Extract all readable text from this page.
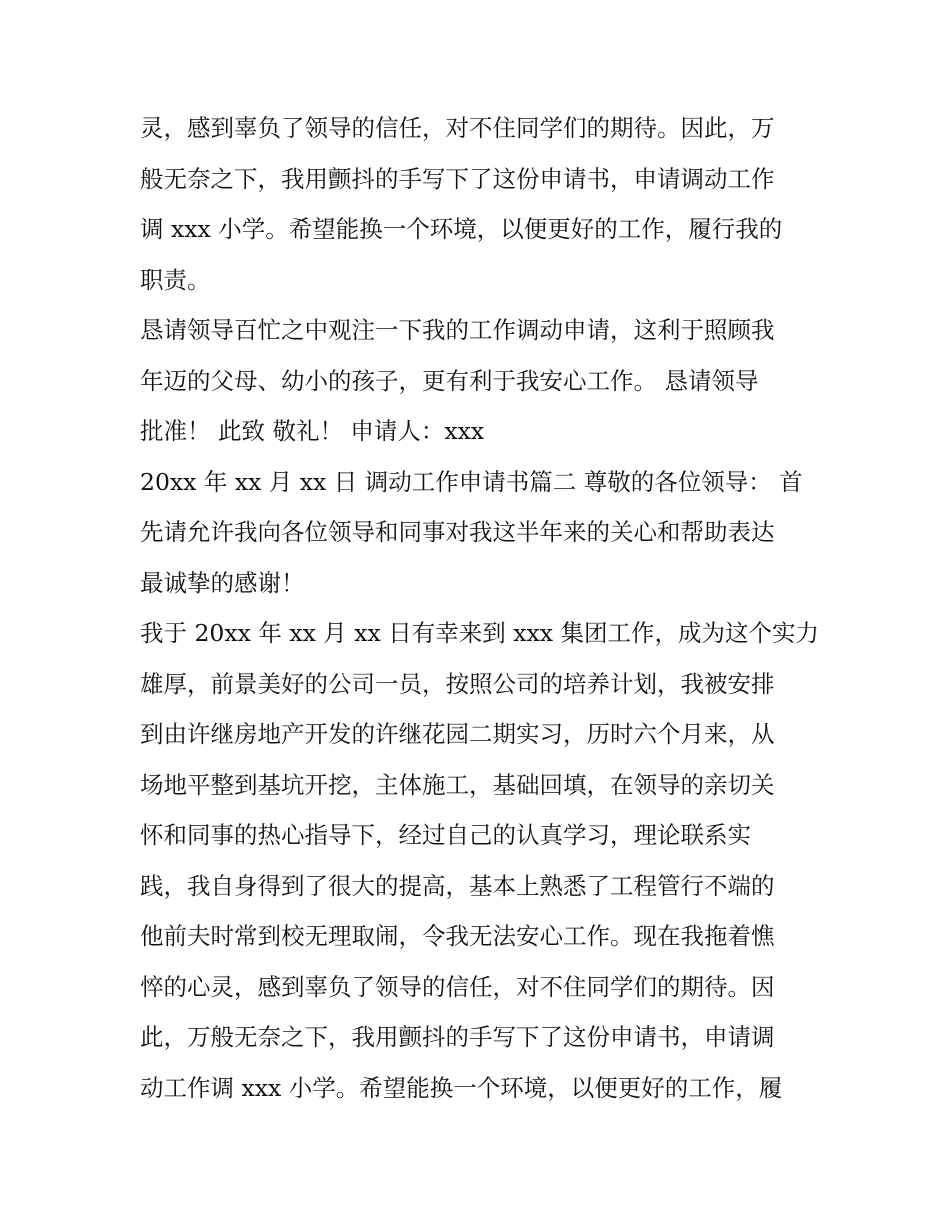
灵，感到辜负了领导的信任，对不住同学们的期待。因此，万
般无奈之下，我用颤抖的手写下了这份申请书，申请调动工作
调 xxx 小学。希望能换一个环境，以便更好的工作，履行我的
职责。
恳请领导百忙之中观注一下我的工作调动申请，这利于照顾我
年迈的父母、幼小的孩子，更有利于我安心工作。 恳请领导
批准！ 此致 敬礼！ 申请人：xxx
20xx 年 xx 月 xx 日 调动工作申请书篇二 尊敬的各位领导： 首
先请允许我向各位领导和同事对我这半年来的关心和帮助表达
最诚挚的感谢！
我于 20xx 年 xx 月 xx 日有幸来到 xxx 集团工作，成为这个实力
雄厚，前景美好的公司一员，按照公司的培养计划，我被安排
到由许继房地产开发的许继花园二期实习，历时六个月来，从
场地平整到基坑开挖，主体施工，基础回填，在领导的亲切关
怀和同事的热心指导下，经过自己的认真学习，理论联系实
践，我自身得到了很大的提高，基本上熟悉了工程管行不端的
他前夫时常到校无理取闹，令我无法安心工作。现在我拖着憔
悴的心灵，感到辜负了领导的信任，对不住同学们的期待。因
此，万般无奈之下，我用颤抖的手写下了这份申请书，申请调
动工作调 xxx 小学。希望能换一个环境，以便更好的工作，履
